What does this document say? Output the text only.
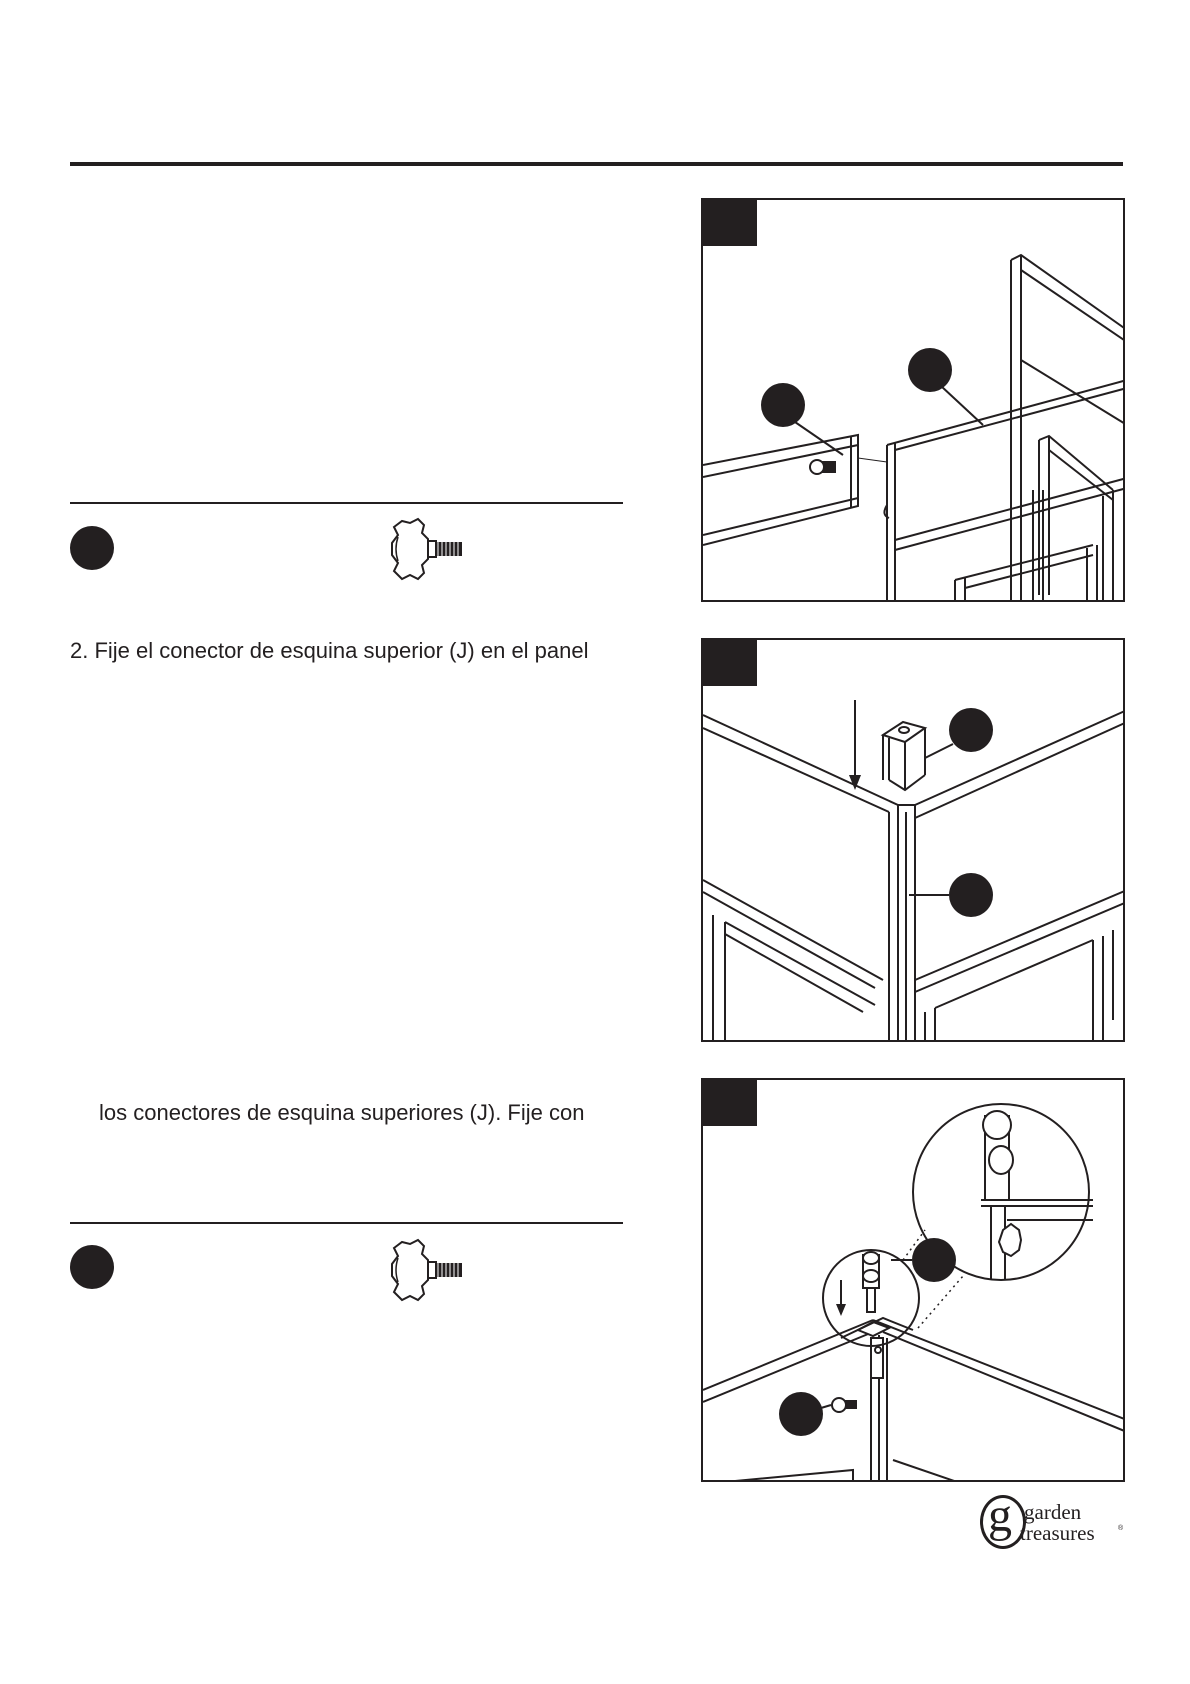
2. Fije el conector de esquina superior (J) en el panel
los conectores de esquina superiores (J). Fije con
g garden
treasures	®
